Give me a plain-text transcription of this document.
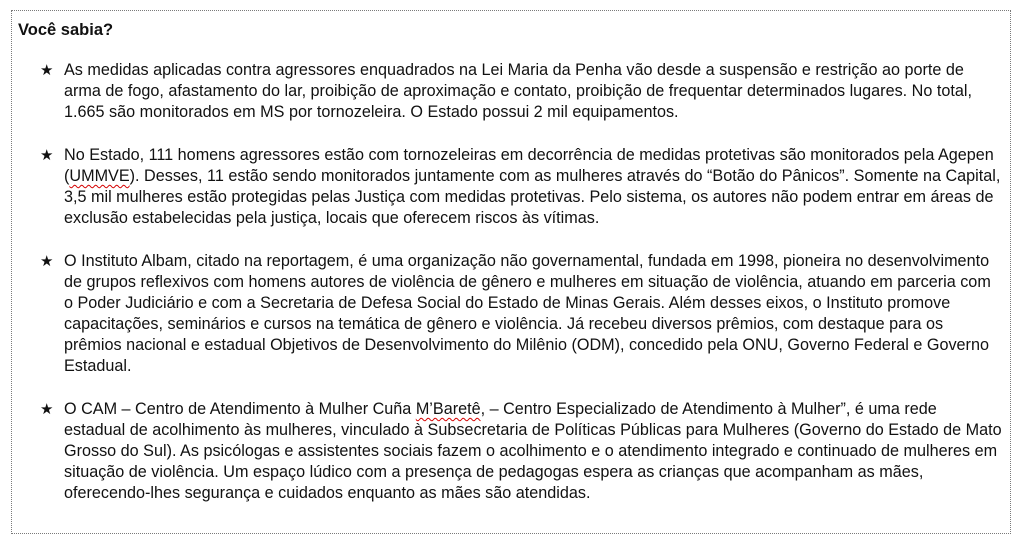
Você sabia?
★ As medidas aplicadas contra agressores enquadrados na Lei Maria da Penha vão desde a suspensão e restrição ao porte de arma de fogo, afastamento do lar, proibição de aproximação e contato, proibição de frequentar determinados lugares. No total, 1.665 são monitorados em MS por tornozeleira. O Estado possui 2 mil equipamentos.
★ No Estado, 111 homens agressores estão com tornozeleiras em decorrência de medidas protetivas são monitorados pela Agepen (UMMVE). Desses, 11 estão sendo monitorados juntamente com as mulheres através do “Botão do Pânicos”. Somente na Capital, 3,5 mil mulheres estão protegidas pelas Justiça com medidas protetivas. Pelo sistema, os autores não podem entrar em áreas de exclusão estabelecidas pela justiça, locais que oferecem riscos às vítimas.
★ O Instituto Albam, citado na reportagem, é uma organização não governamental, fundada em 1998, pioneira no desenvolvimento de grupos reflexivos com homens autores de violência de gênero e mulheres em situação de violência, atuando em parceria com o Poder Judiciário e com a Secretaria de Defesa Social do Estado de Minas Gerais. Além desses eixos, o Instituto promove capacitações, seminários e cursos na temática de gênero e violência. Já recebeu diversos prêmios, com destaque para os prêmios nacional e estadual Objetivos de Desenvolvimento do Milênio (ODM), concedido pela ONU, Governo Federal e Governo Estadual.
★ O CAM – Centro de Atendimento à Mulher Cuña M’Baretê, – Centro Especializado de Atendimento à Mulher”, é uma rede estadual de acolhimento às mulheres, vinculado à Subsecretaria de Políticas Públicas para Mulheres (Governo do Estado de Mato Grosso do Sul). As psicólogas e assistentes sociais fazem o acolhimento e o atendimento integrado e continuado de mulheres em situação de violência. Um espaço lúdico com a presença de pedagogas espera as crianças que acompanham as mães, oferecendo-lhes segurança e cuidados enquanto as mães são atendidas.
